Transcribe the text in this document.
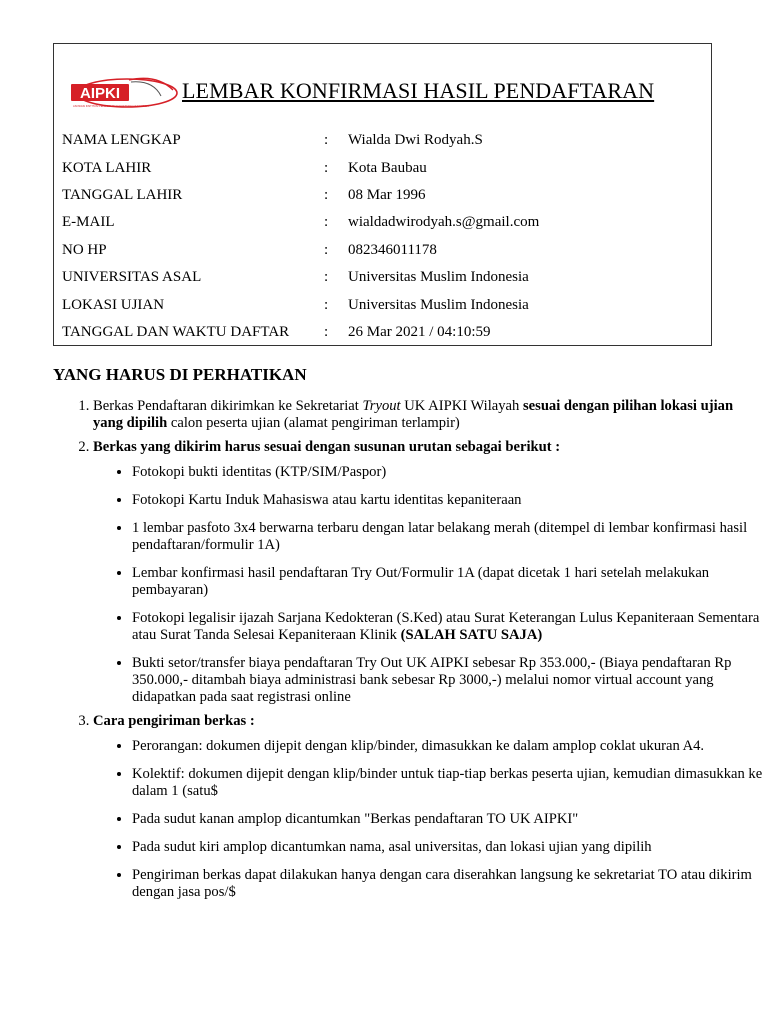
AIPKI
ASOSIASI INSTITUSI PENDIDIKAN KEDOKTERAN INDONESIA
LEMBAR KONFIRMASI HASIL PENDAFTARAN
NAMA LENGKAP	:	Wialda Dwi Rodyah.S
KOTA LAHIR	:	Kota Baubau
TANGGAL LAHIR	:	08 Mar 1996
E-MAIL	:	wialdadwirodyah.s@gmail.com
NO HP	:	082346011178
UNIVERSITAS ASAL	:	Universitas Muslim Indonesia
LOKASI UJIAN	:	Universitas Muslim Indonesia
TANGGAL DAN WAKTU DAFTAR	:	26 Mar 2021 / 04:10:59
YANG HARUS DI PERHATIKAN
1. Berkas Pendaftaran dikirimkan ke Sekretariat Tryout UK AIPKI Wilayah sesuai dengan pilihan lokasi ujian yang dipilih calon peserta ujian (alamat pengiriman terlampir)
2. Berkas yang dikirim harus sesuai dengan susunan urutan sebagai berikut :
• Fotokopi bukti identitas (KTP/SIM/Paspor)
• Fotokopi Kartu Induk Mahasiswa atau kartu identitas kepaniteraan
• 1 lembar pasfoto 3x4 berwarna terbaru dengan latar belakang merah (ditempel di lembar konfirmasi hasil pendaftaran/formulir 1A)
• Lembar konfirmasi hasil pendaftaran Try Out/Formulir 1A (dapat dicetak 1 hari setelah melakukan pembayaran)
• Fotokopi legalisir ijazah Sarjana Kedokteran (S.Ked) atau Surat Keterangan Lulus Kepaniteraan Sementara atau Surat Tanda Selesai Kepaniteraan Klinik (SALAH SATU SAJA)
• Bukti setor/transfer biaya pendaftaran Try Out UK AIPKI sebesar Rp 353.000,- (Biaya pendaftaran Rp 350.000,- ditambah biaya administrasi bank sebesar Rp 3000,-) melalui nomor virtual account yang didapatkan pada saat registrasi online
3. Cara pengiriman berkas :
• Perorangan: dokumen dijepit dengan klip/binder, dimasukkan ke dalam amplop coklat ukuran A4.
• Kolektif: dokumen dijepit dengan klip/binder untuk tiap-tiap berkas peserta ujian, kemudian dimasukkan ke dalam 1 (satu$
• Pada sudut kanan amplop dicantumkan "Berkas pendaftaran TO UK AIPKI"
• Pada sudut kiri amplop dicantumkan nama, asal universitas, dan lokasi ujian yang dipilih
• Pengiriman berkas dapat dilakukan hanya dengan cara diserahkan langsung ke sekretariat TO atau dikirim dengan jasa pos/$
